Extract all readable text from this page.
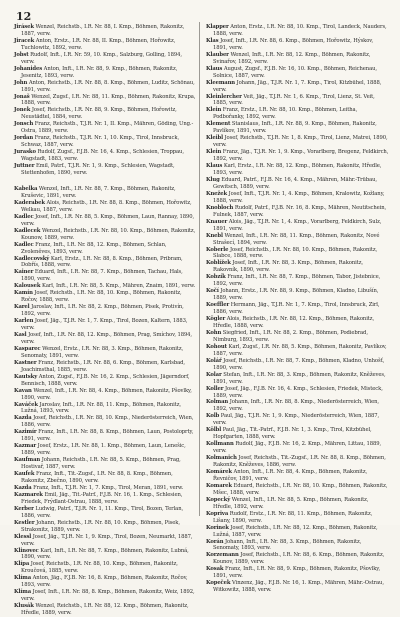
12

Jirásek Wenzel, Reichstb., I.R. Nr. 88, I. Kmp., Böhmen, Rakonitz, 1887, verw.

Jiracek Anton, Erstz., I.R. Nr. 88, II. Kmp., Böhmen, Hořowitz, Tuchlowitz, 1892, verw.

Jobst Rudolf, Inft., I.R. Nr. 59, 10. Kmp., Salzburg, Golling, 1894, verw.

Johanides Anton, Inft., I.R. Nr. 88, 9. Kmp., Böhmen, Rakonitz, Jesenitz, 1893, verw.

John Anton, Reichstb., I.R. Nr. 88, 8. Kmp., Böhmen, Luditz, Schönau, 1891, verw.

Jonaš Wenzel, Zugsf., I.R. Nr. 88, 11. Kmp., Böhmen, Rakonitz, Krupa, 1888, verw.

Jonek Josef, Reichstb., I.R. Nr. 88, 9. Kmp., Böhmen, Hořowitz, Neustädtel, 1884, verw.

Jonsch Franz, Reichstb., T.J.R. Nr. 1, II. Kmp., Mähren, Göding, Ung.-Ostra, 1889, verw.

Jordan Franz, Reichstb., T.J.R. Nr. 1, 10. Kmp., Tirol, Innsbruck, Schwaz, 1887, verw.

Jurasko Rudolf, Zugsf., F.J.B. Nr. 16, 4. Kmp., Schlesien, Troppau, Wagstadt, 1883, verw.

Juttner Emil, Patrf., T.J.R. Nr. 1, 9. Kmp., Schlesien, Wagstadt, Stettenhofen, 1890, verw.

Kabelka Wenzel, Inft., I.R. Nr. 88, 7. Kmp., Böhmen, Rakonitz, Kruševic, 1891, verw.

Kaderabek Alois, Reichstb., I.R. Nr. 88, 8. Kmp., Böhmen, Hořowitz, Welkau, 1887, verw.

Kadlec Josef, Inft., I.R. Nr. 88, 5. Kmp., Böhmen, Laun, Rannay, 1890, verw.

Kadlecek Wenzel, Reichstb., I.R. Nr. 88, 10. Kmp., Böhmen, Rakonitz, Kounow, 1889, verw.

Kadlec Franz, Inft., I.R. Nr. 88, 12. Kmp., Böhmen, Schlan, Zvoleněves, 1893, verw.

Kadlecovský Karl, Erstz., I.R. Nr. 88, 8. Kmp., Böhmen, Pribram, Dobřís, 1888, verw.

Kainer Eduard, Inft., I.R. Nr. 88, 7. Kmp., Böhmen, Tachau, Hals, 1890, verw.

Kalousek Karl, Inft., I.R. Nr. 88, 5. Kmp., Mähren, Znaim, 1891, verw.

Kamín Josef, Reichstb., I.R. Nr. 88, 10. Kmp., Böhmen, Rakonitz, Ročov, 1888, verw.

Karel Jaroslav, Inft., I.R. Nr. 88, 2. Kmp., Böhmen, Pisek, Protivín, 1892, verw.

Karlen Josef, Jäg., T.J.R. Nr. 1, 7. Kmp., Tirol, Bozen, Kaltern, 1883, verw.

Kasl Josef, Inft., I.R. Nr. 88, 12. Kmp., Böhmen, Prag, Smíchov, 1894, verw.

Kasparec Wenzel, Erstz., I.R. Nr. 88, 3. Kmp., Böhmen, Rakonitz, Senomaty, 1891, verw.

Kastner Franz, Reichstb., I.R. Nr. 88, 6. Kmp., Böhmen, Karlsbad, Joachimsthal, 1885, verw.

Kautsky Anton, Zugsf., F.J.B. Nr. 16, 2. Kmp., Schlesien, Jägerndorf, Bennisch, 1888, verw.

Kavan Wenzel, Inft., I.R. Nr. 88, 4. Kmp., Böhmen, Rakonitz, Pšovlky, 1890, verw.

Kaváček Jaroslav, Inft., I.R. Nr. 88, 11. Kmp., Böhmen, Rakonitz, Lužná, 1893, verw.

Kazda Josef, Reichstb., I.R. Nr. 88, 10. Kmp., Niederösterreich, Wien, 1886, verw.

Kazimír Franz, Inft., I.R. Nr. 88, 8. Kmp., Böhmen, Laun, Postoloprty, 1891, verw.

Kazmar Josef, Erstz., I.R. Nr. 88, 1. Kmp., Böhmen, Laun, Lenešic, 1889, verw.

Kaufman Johann, Reichstb., I.R. Nr. 88, 5. Kmp., Böhmen, Prag, Hostivař, 1887, verw.

Kaufek Franz, Inft., Tit.-Zugsf., I.R. Nr. 88, 8. Kmp., Böhmen, Rakonitz, Zbečno, 1890, verw.

Kazda Franz, Inft., T.J.R. Nr. 1, 7. Kmp., Tirol, Meran, 1891, verw.

Kazmarek Emil, Jäg., Tit.-Patrf., F.J.B. Nr. 16, 1. Kmp., Schlesien, Friedek, Frýdlant-Ostrau, 1888, verw.

Kerber Ludwig, Patrf., T.J.R. Nr. 1, 11. Kmp., Tirol, Bozen, Terlan, 1886, verw.

Kestler Johann, Reichstb., I.R. Nr. 88, 10. Kmp., Böhmen, Pisek, Strakonitz, 1889, verw.

Klessl Josef, Jäg., T.J.R. Nr. 1, 9. Kmp., Tirol, Bozen, Neumarkt, 1887, verw.

Klinovec Karl, Inft., I.R. Nr. 88, 7. Kmp., Böhmen, Rakonitz, Lubná, 1890, verw.

Klípa Josef, Reichstb., I.R. Nr. 88, 10. Kmp., Böhmen, Rakonitz, Kroučová, 1885, verw.

Klíma Anton, Jäg., F.J.B. Nr. 16, 8. Kmp., Böhmen, Rakonitz, Ročov, 1893, verw.

Klíma Josef, Inft., I.R. Nr. 88, 8. Kmp., Böhmen, Rakonitz, Weiz, 1892, verw.

Klusák Wenzel, Reichstb., I.R. Nr. 88, 12. Kmp., Böhmen, Rakonitz, Hředle, 1889, verw.

Klapper Anton, Erstz., I.R. Nr. 88, 10. Kmp., Tirol, Landeck, Nauders, 1888, verw.

Klas Josef, Inft., I.R. Nr. 88, 6. Kmp., Böhmen, Hořowitz, Hýskov, 1891, verw.

Klauber Wenzel, Inft., I.R. Nr. 88, 12. Kmp., Böhmen, Rakonitz, Svinařov, 1892, verw.

Klaus August, Zugsf., F.J.B. Nr. 16, 10. Kmp., Böhmen, Reichenau, Solnice, 1887, verw.

Kleemann Johann, Jäg., T.J.R. Nr. 1, 7. Kmp., Tirol, Kitzbühel, 1888, verw.

Kleinlercher Veit, Jäg., T.J.R. Nr. 1, 6. Kmp., Tirol, Lienz, St. Veit, 1885, verw.

Klein Franz, Erstz., I.R. Nr. 88, 10. Kmp., Böhmen, Leitha, Podbořanky, 1892, verw.

Klement Stanislaus, Inft., I.R. Nr. 88, 9. Kmp., Böhmen, Rakonitz, Pavlíkov, 1891, verw.

Kleibl Josef, Reichstb., T.J.R. Nr. 1, 8. Kmp., Tirol, Lienz, Matrei, 1890, verw.

Klein Franz, Jäg., T.J.R. Nr. 1, 9. Kmp., Vorarlberg, Bregenz, Feldkirch, 1892, verw.

Klaus Karl, Erstz., I.R. Nr. 88, 12. Kmp., Böhmen, Rakonitz, Hředle, 1893, verw.

Klug Eduard, Patrf., F.J.B. Nr. 16, 4. Kmp., Mähren, Mähr.-Trübau, Gewitsch, 1889, verw.

Knežek Josef, Inft., T.J.R. Nr. 1, 4. Kmp., Böhmen, Kralowitz, Kožlany, 1888, verw.

Knobloch Rudolf, Patrf., F.J.B. Nr. 16, 8. Kmp., Mähren, Neutitschein, Fulnek, 1887, verw.

Knauer Alois, Jäg., T.J.R. Nr. 1, 4. Kmp., Vorarlberg, Feldkirch, Sulz, 1891, verw.

Knebl Wenzel, Inft., I.R. Nr. 88, 11. Kmp., Böhmen, Rakonitz, Nové Strašecí, 1894, verw.

Koberle Josef, Reichstb., I.R. Nr. 88, 10. Kmp., Böhmen, Rakonitz, Slabce, 1888, verw.

Koblížek Josef, Inft., I.R. Nr. 88, 3. Kmp., Böhmen, Rakonitz, Rakovník, 1890, verw.

Kobzík Franz, Inft., I.R. Nr. 88, 7. Kmp., Böhmen, Tabor, Jistebnice, 1892, verw.

Kočí Johann, Erstz., I.R. Nr. 88, 9. Kmp., Böhmen, Kladno, Libušín, 1889, verw.

Koeffler Hermann, Jäg., T.J.R. Nr. 1, 7. Kmp., Tirol, Innsbruck, Zirl, 1886, verw.

Kögler Alois, Reichstb., I.R. Nr. 88, 12. Kmp., Böhmen, Rakonitz, Hředle, 1888, verw.

Kohn Siegfried, Inft., I.R. Nr. 88, 2. Kmp., Böhmen, Podiebrad, Nimburg, 1893, verw.

Kohout Karl, Zugsf., I.R. Nr. 88, 5. Kmp., Böhmen, Rakonitz, Pavlíkov, 1887, verw.

Kolář Josef, Reichstb., I.R. Nr. 88, 7. Kmp., Böhmen, Kladno, Unhošť, 1890, verw.

Kolar Stefan, Inft., I.R. Nr. 88, 3. Kmp., Böhmen, Rakonitz, Kněževes, 1891, verw.

Koller Josef, Jäg., F.J.B. Nr. 16, 4. Kmp., Schlesien, Friedek, Misteck, 1889, verw.

Kolman Johann, Inft., I.R. Nr. 88, 8. Kmp., Niederösterreich, Wien, 1892, verw.

Kolb Paul, Jäg., T.J.R. Nr. 1, 9. Kmp., Niederösterreich, Wien, 1887, verw.

Kölbl Paul, Jäg., Tit.-Patrf., F.J.B. Nr. 1, 3. Kmp., Tirol, Kitzbühel, Hopfgarten, 1888, verw.

Kollmann Rudolf, Jäg., F.J.B. Nr. 16, 2. Kmp., Mähren, Littau, 1889, verw.

Kolmanich Josef, Reichstb., Tit.-Zugsf., I.R. Nr. 88, 8. Kmp., Böhmen, Rakonitz, Kněževes, 1886, verw.

Komárek Anton, Inft., I.R. Nr. 88, 4. Kmp., Böhmen, Rakonitz, Řevničov, 1891, verw.

Komarek Eduard, Reichstb., I.R. Nr. 88, 10. Kmp., Böhmen, Rakonitz, Mšec, 1888, verw.

Kopecký Wenzel, Inft., I.R. Nr. 88, 5. Kmp., Böhmen, Rakonitz, Hředle, 1892, verw.

Kopriva Rudolf, Erstz., I.R. Nr. 88, 11. Kmp., Böhmen, Rakonitz, Lišany, 1890, verw.

Korinek Josef, Reichstb., I.R. Nr. 88, 12. Kmp., Böhmen, Rakonitz, Lužná, 1887, verw.

Korán Johann, Inft., I.R. Nr. 88, 3. Kmp., Böhmen, Rakonitz, Senomaty, 1893, verw.

Korzemann Josef, Reichstb., I.R. Nr. 88, 6. Kmp., Böhmen, Rakonitz, Kounov, 1889, verw.

Kosak Franz, Inft., I.R. Nr. 88, 9. Kmp., Böhmen, Rakonitz, Pšovlky, 1891, verw.

Kopeček Vinzenz, Jäg., F.J.B. Nr. 16, 1. Kmp., Mähren, Mähr.-Ostrau, Witkowitz, 1888, verw.
